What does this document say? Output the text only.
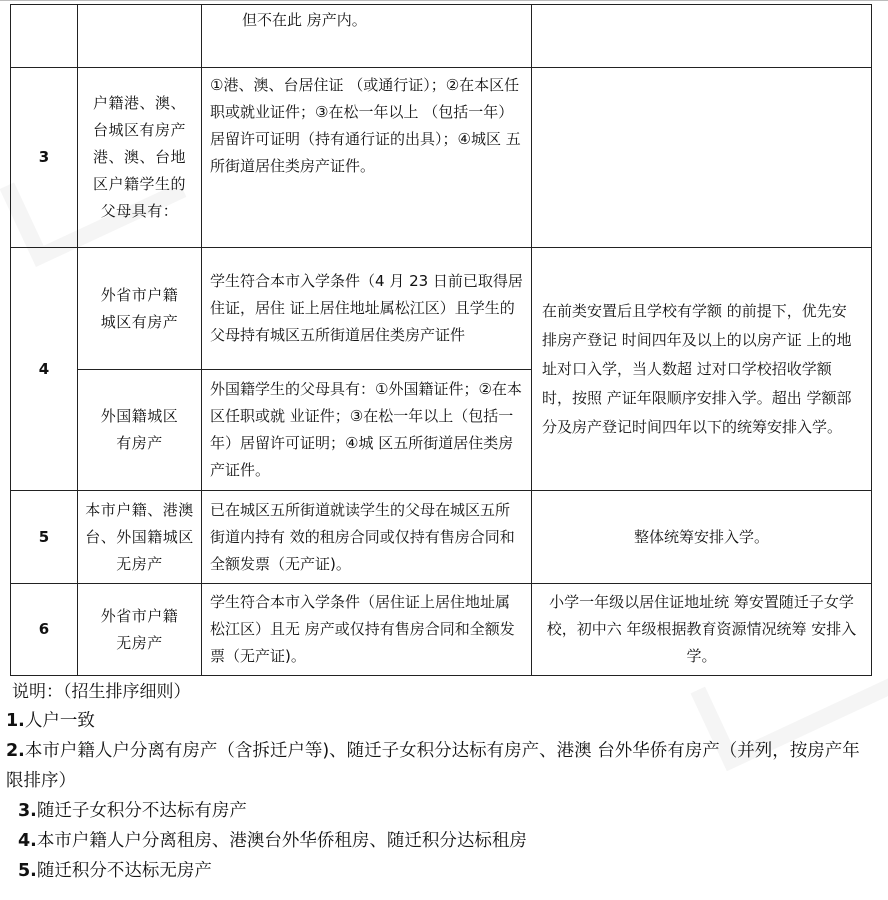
		但不在此 房产内。	
3	户籍港、澳、台城区有房产港、澳、台地区户籍学生的父母具有：	①港、澳、台居住证 （或通行证）；②在本区任职或就业证件；③在松一年以上 （包括一年）居留许可证明（持有通行证的出具）；④城区 五所街道居住类房产证件。	
4	外省市户籍 城区有房产	学生符合本市入学条件（4 月 23 日前已取得居住证，居住 证上居住地址属松江区）且学生的父母持有城区五所街道居住类房产证件	在前类安置后且学校有学额 的前提下，优先安排房产登记 时间四年及以上的以房产证 上的地址对口入学，当人数超 过对口学校招收学额时，按照 产证年限顺序安排入学。超出 学额部分及房产登记时间四年以下的统筹安排入学。
	外国籍城区 有房产	外国籍学生的父母具有：①外国籍证件；②在本区任职或就 业证件；③在松一年以上（包括一年）居留许可证明；④城 区五所街道居住类房产证件。	
5	本市户籍、港澳台、外国籍城区无房产	已在城区五所街道就读学生的父母在城区五所街道内持有 效的租房合同或仅持有售房合同和全额发票（无产证)。	整体统筹安排入学。
6	外省市户籍 无房产	学生符合本市入学条件（居住证上居住地址属松江区）且无 房产或仅持有售房合同和全额发票（无产证)。	小学一年级以居住证地址统 筹安置随迁子女学校，初中六 年级根据教育资源情况统筹 安排入学。
说明：（招生排序细则）
1.人户一致
2.本市户籍人户分离有房产（含拆迁户等)、随迁子女积分达标有房产、港澳 台外华侨有房产（并列，按房产年限排序）
3.随迁子女积分不达标有房产
4.本市户籍人户分离租房、港澳台外华侨租房、随迁积分达标租房
5.随迁积分不达标无房产
